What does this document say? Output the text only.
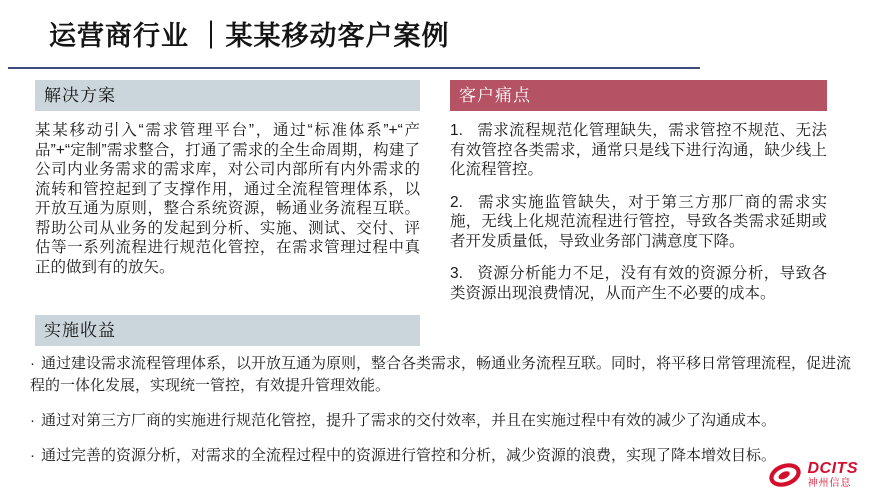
运营商行业 ｜某某移动客户案例
解决方案

某某移动引入“需求管理平台”，通过“标准体系”+“产品”+“定制”需求整合，打通了需求的全生命周期，构建了公司内业务需求的需求库，对公司内部所有内外需求的流转和管控起到了支撑作用，通过全流程管理体系，以开放互通为原则，整合系统资源，畅通业务流程互联。帮助公司从业务的发起到分析、实施、测试、交付、评估等一系列流程进行规范化管控，在需求管理过程中真正的做到有的放矢。

客户痛点

1. 需求流程规范化管理缺失，需求管控不规范、无法有效管控各类需求，通常只是线下进行沟通，缺少线上化流程管控。

2. 需求实施监管缺失，对于第三方那厂商的需求实施，无线上化规范流程进行管控，导致各类需求延期或者开发质量低，导致业务部门满意度下降。

3. 资源分析能力不足，没有有效的资源分析，导致各类资源出现浪费情况，从而产生不必要的成本。

实施收益

· 通过建设需求流程管理体系，以开放互通为原则，整合各类需求，畅通业务流程互联。同时，将平移日常管理流程，促进流程的一体化发展，实现统一管控，有效提升管理效能。

· 通过对第三方厂商的实施进行规范化管控，提升了需求的交付效率，并且在实施过程中有效的减少了沟通成本。

· 通过完善的资源分析，对需求的全流程过程中的资源进行管控和分析，减少资源的浪费，实现了降本增效目标。

DCITS
神州信息
